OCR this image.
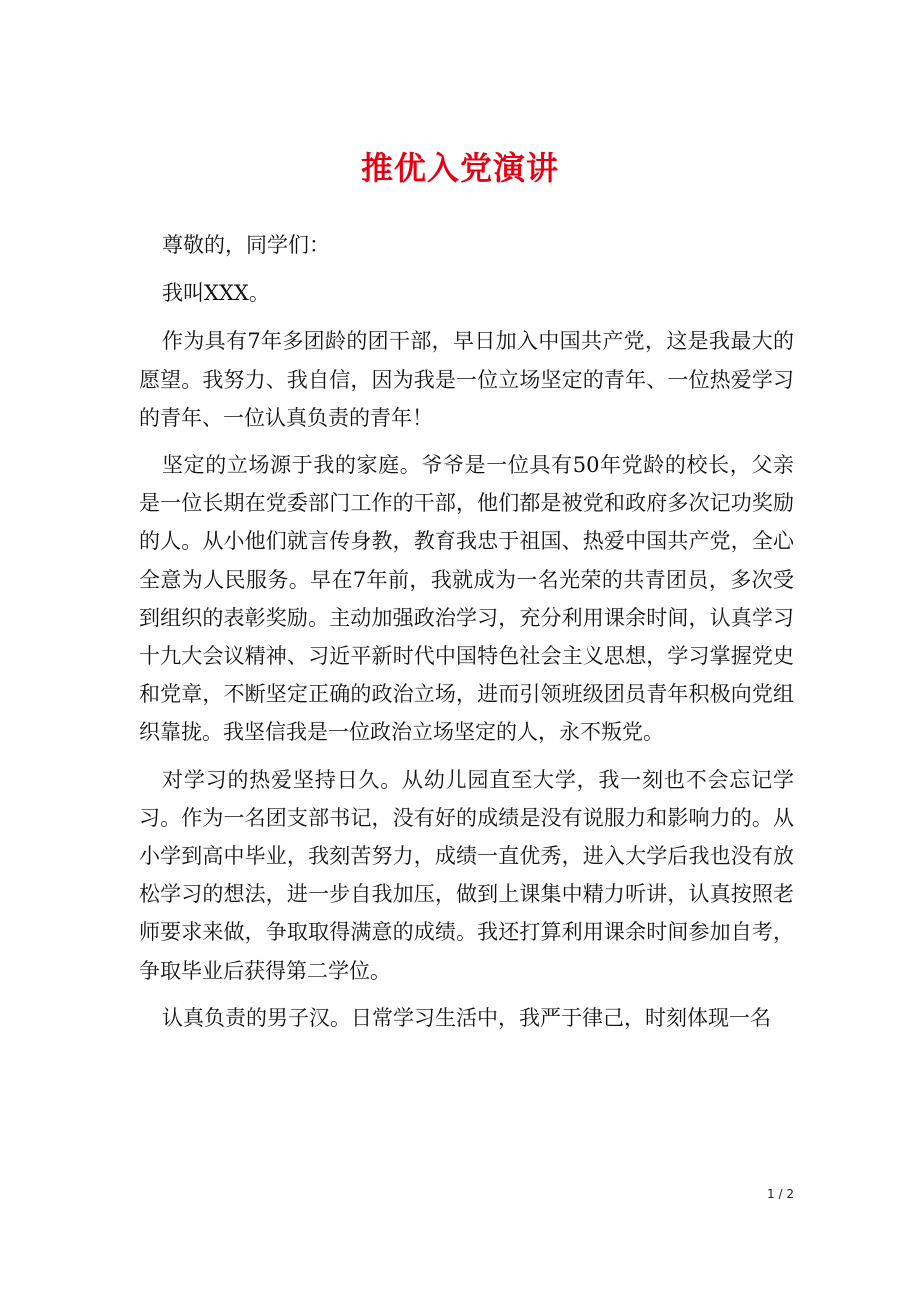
推优入党演讲

尊敬的，同学们：

我叫XXX。

作为具有7年多团龄的团干部，早日加入中国共产党，这是我最大的愿望。我努力、我自信，因为我是一位立场坚定的青年、一位热爱学习的青年、一位认真负责的青年！

坚定的立场源于我的家庭。爷爷是一位具有50年党龄的校长，父亲是一位长期在党委部门工作的干部，他们都是被党和政府多次记功奖励的人。从小他们就言传身教，教育我忠于祖国、热爱中国共产党，全心全意为人民服务。早在7年前，我就成为一名光荣的共青团员，多次受到组织的表彰奖励。主动加强政治学习，充分利用课余时间，认真学习十九大会议精神、习近平新时代中国特色社会主义思想，学习掌握党史和党章，不断坚定正确的政治立场，进而引领班级团员青年积极向党组织靠拢。我坚信我是一位政治立场坚定的人，永不叛党。

对学习的热爱坚持日久。从幼儿园直至大学，我一刻也不会忘记学习。作为一名团支部书记，没有好的成绩是没有说服力和影响力的。从小学到高中毕业，我刻苦努力，成绩一直优秀，进入大学后我也没有放松学习的想法，进一步自我加压，做到上课集中精力听讲，认真按照老师要求来做，争取取得满意的成绩。我还打算利用课余时间参加自考，争取毕业后获得第二学位。

认真负责的男子汉。日常学习生活中，我严于律己，时刻体现一名

1 / 2
